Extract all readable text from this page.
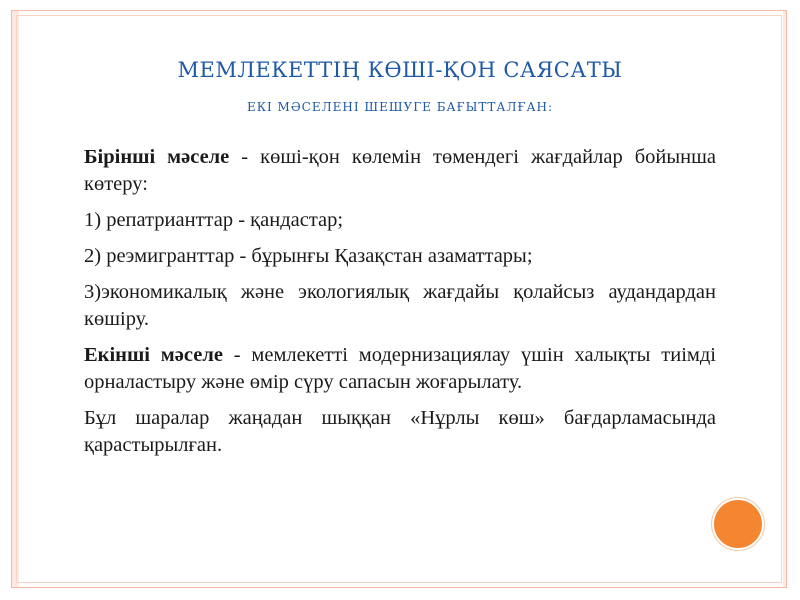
МЕМЛЕКЕТТІҢ КӨШІ-ҚОН САЯСАТЫ
ЕКІ МӘСЕЛЕНІ ШЕШУГЕ БАҒЫТТАЛҒАН:

Бірінші мәселе - көші-қон көлемін төмендегі жағдайлар бойынша көтеру:

1) репатрианттар - қандастар;

2) реэмигранттар - бұрынғы Қазақстан азаматтары;

3)экономикалық және экологиялық жағдайы қолайсыз аудандардан көшіру.

Екінші мәселе - мемлекетті модернизациялау үшін халықты тиімді орналастыру және өмір сүру сапасын жоғарылату.

Бұл шаралар жаңадан шыққан «Нұрлы көш» бағдарламасында қарастырылған.
